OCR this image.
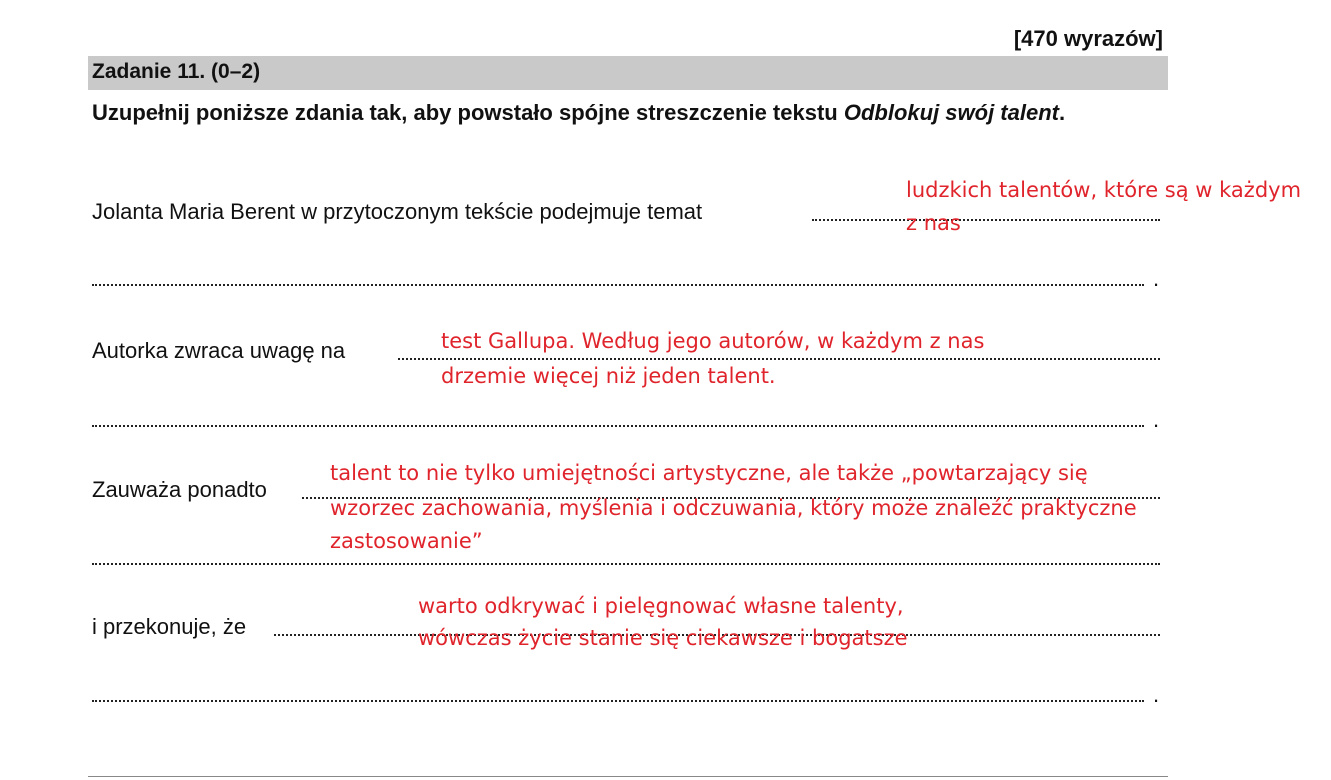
[470 wyrazów]
Zadanie 11. (0–2)
Uzupełnij poniższe zdania tak, aby powstało spójne streszczenie tekstu Odblokuj swój talent.
Jolanta Maria Berent w przytoczonym tekście podejmuje temat
.
Autorka zwraca uwagę na
.
Zauważa ponadto
i przekonuje, że
.
ludzkich talentów, które są w każdym
z nas
test Gallupa. Według jego autorów, w każdym z nas
drzemie więcej niż jeden talent.
talent to nie tylko umiejętności artystyczne, ale także „powtarzający się
wzorzec zachowania, myślenia i odczuwania, który może znaleźć praktyczne
zastosowanie”
warto odkrywać i pielęgnować własne talenty,
wówczas życie stanie się ciekawsze i bogatsze
